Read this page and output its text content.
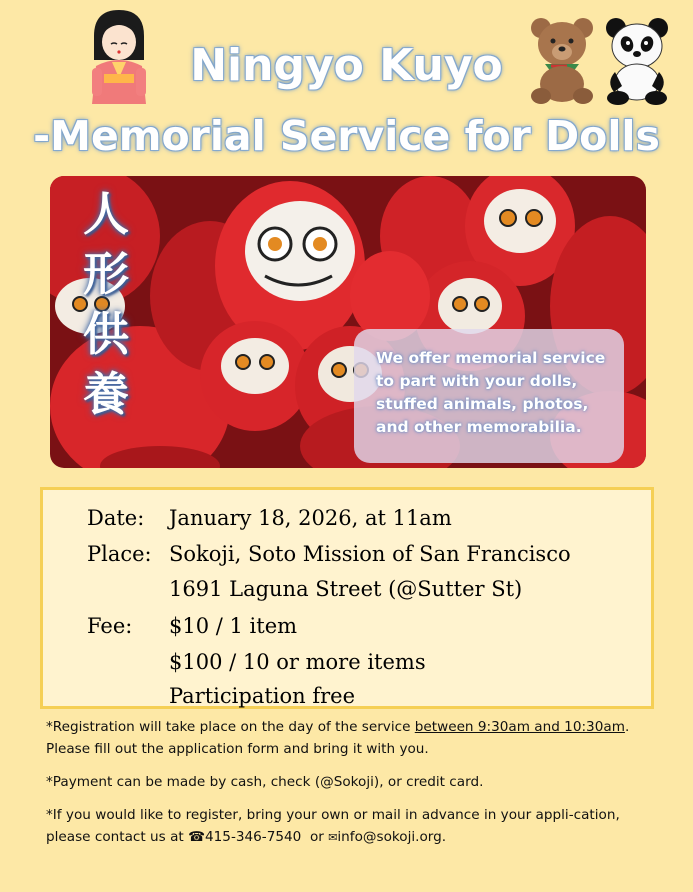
Ningyo Kuyo
-Memorial Service for Dolls
人
形
供
養
We offer memorial service
to part with your dolls,
stuffed animals, photos,
and other memorabilia.
Date: January 18, 2026, at 11am
Place: Sokoji, Soto Mission of San Francisco
1691 Laguna Street (@Sutter St)
Fee: $10 / 1 item
$100 / 10 or more items
Participation free

*Registration will take place on the day of the service between 9:30am and 10:30am. Please fill out the application form and bring it with you.

*Payment can be made by cash, check (@Sokoji), or credit card.

*If you would like to register, bring your own or mail in advance in your appli-cation, please contact us at ☎415-346-7540  or ✉info@sokoji.org.
